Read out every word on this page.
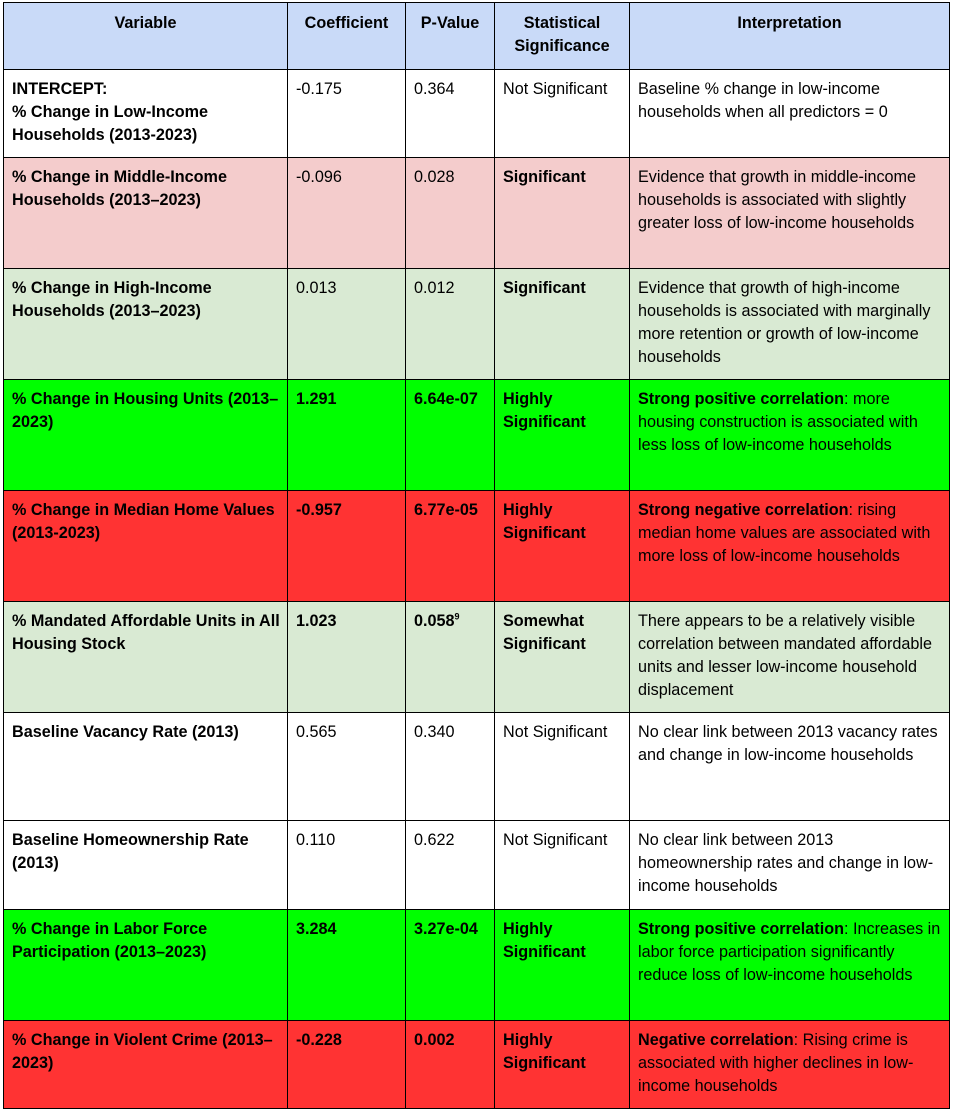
Variable	Coefficient	P-Value	Statistical Significance	Interpretation
INTERCEPT:
% Change in Low-Income Households (2013-2023)	-0.175	0.364	Not Significant	Baseline % change in low-income households when all predictors = 0
% Change in Middle-Income Households (2013–2023)	-0.096	0.028	Significant	Evidence that growth in middle-income households is associated with slightly greater loss of low-income households
% Change in High-Income Households (2013–2023)	0.013	0.012	Significant	Evidence that growth of high-income households is associated with marginally more retention or growth of low-income households
% Change in Housing Units (2013–2023)	1.291	6.64e-07	Highly Significant	Strong positive correlation: more housing construction is associated with less loss of low-income households
% Change in Median Home Values (2013-2023)	-0.957	6.77e-05	Highly Significant	Strong negative correlation: rising median home values are associated with more loss of low-income households
% Mandated Affordable Units in All Housing Stock	1.023	0.058$^9$	Somewhat Significant	There appears to be a relatively visible correlation between mandated affordable units and lesser low-income household displacement
Baseline Vacancy Rate (2013)	0.565	0.340	Not Significant	No clear link between 2013 vacancy rates and change in low-income households
Baseline Homeownership Rate (2013)	0.110	0.622	Not Significant	No clear link between 2013 homeownership rates and change in low-income households
% Change in Labor Force Participation (2013–2023)	3.284	3.27e-04	Highly Significant	Strong positive correlation: Increases in labor force participation significantly reduce loss of low-income households
% Change in Violent Crime (2013–2023)	-0.228	0.002	Highly Significant	Negative correlation: Rising crime is associated with higher declines in low-income households
